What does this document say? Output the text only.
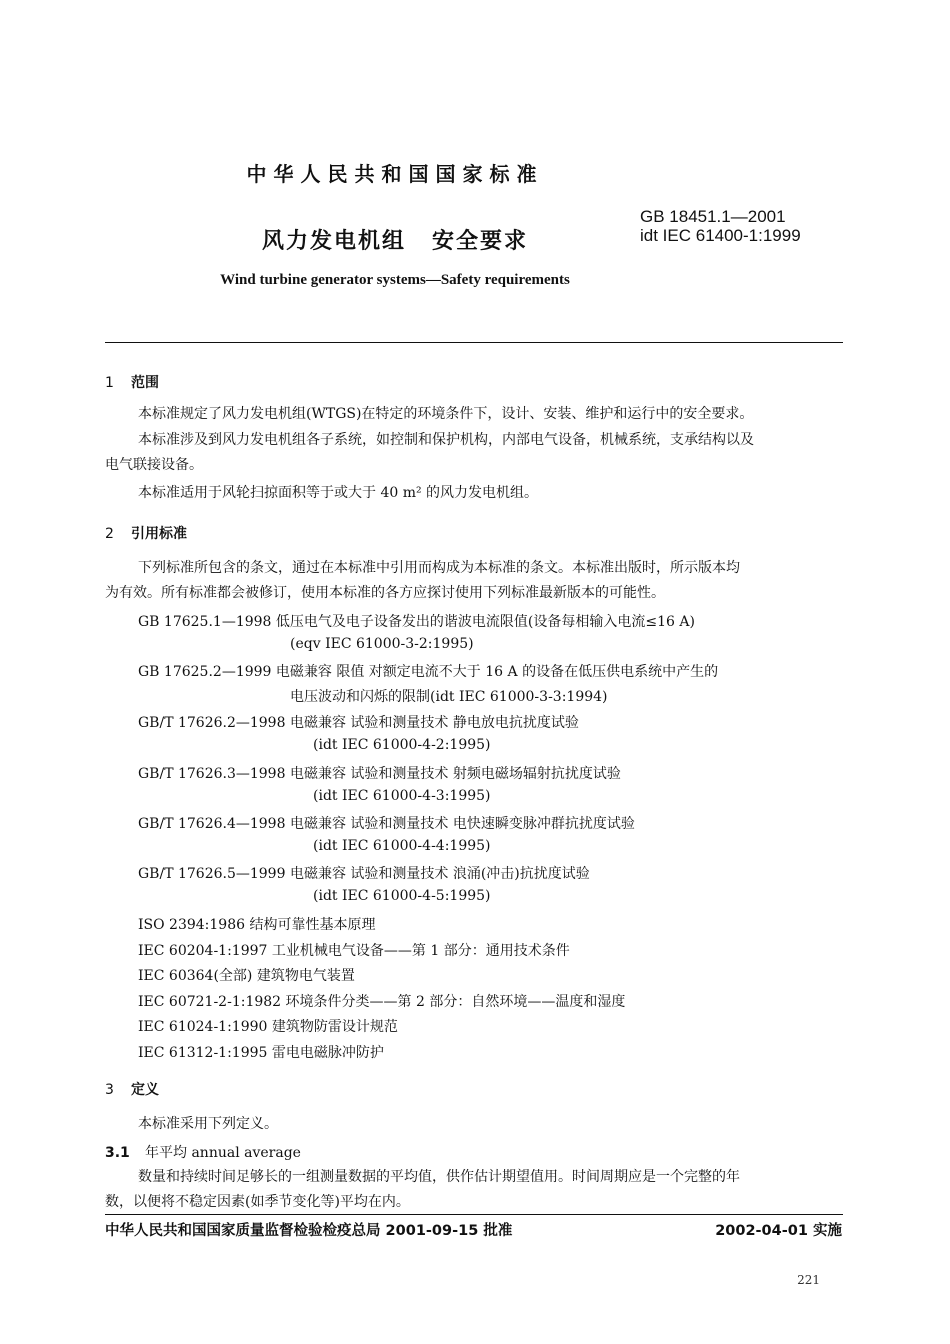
中华人民共和国国家标准
风力发电机组 安全要求
GB 18451.1—2001
idt IEC 61400-1:1999
Wind turbine generator systems—Safety requirements
1 范围
本标准规定了风力发电机组(WTGS)在特定的环境条件下，设计、安装、维护和运行中的安全要求。
本标准涉及到风力发电机组各子系统，如控制和保护机构，内部电气设备，机械系统，支承结构以及
电气联接设备。
本标准适用于风轮扫掠面积等于或大于 40 m² 的风力发电机组。
2 引用标准
下列标准所包含的条文，通过在本标准中引用而构成为本标准的条文。本标准出版时，所示版本均
为有效。所有标准都会被修订，使用本标准的各方应探讨使用下列标准最新版本的可能性。
GB 17625.1—1998 低压电气及电子设备发出的谐波电流限值(设备每相输入电流≤16 A)
(eqv IEC 61000-3-2:1995)
GB 17625.2—1999 电磁兼容 限值 对额定电流不大于 16 A 的设备在低压供电系统中产生的
电压波动和闪烁的限制(idt IEC 61000-3-3:1994)
GB/T 17626.2—1998 电磁兼容 试验和测量技术 静电放电抗扰度试验
(idt IEC 61000-4-2:1995)
GB/T 17626.3—1998 电磁兼容 试验和测量技术 射频电磁场辐射抗扰度试验
(idt IEC 61000-4-3:1995)
GB/T 17626.4—1998 电磁兼容 试验和测量技术 电快速瞬变脉冲群抗扰度试验
(idt IEC 61000-4-4:1995)
GB/T 17626.5—1999 电磁兼容 试验和测量技术 浪涌(冲击)抗扰度试验
(idt IEC 61000-4-5:1995)
ISO 2394:1986 结构可靠性基本原理
IEC 60204-1:1997 工业机械电气设备——第 1 部分：通用技术条件
IEC 60364(全部) 建筑物电气装置
IEC 60721-2-1:1982 环境条件分类——第 2 部分：自然环境——温度和湿度
IEC 61024-1:1990 建筑物防雷设计规范
IEC 61312-1:1995 雷电电磁脉冲防护
3 定义
本标准采用下列定义。
3.1 年平均 annual average
数量和持续时间足够长的一组测量数据的平均值，供作估计期望值用。时间周期应是一个完整的年
数，以便将不稳定因素(如季节变化等)平均在内。
中华人民共和国国家质量监督检验检疫总局 2001-09-15 批准	2002-04-01 实施
221
